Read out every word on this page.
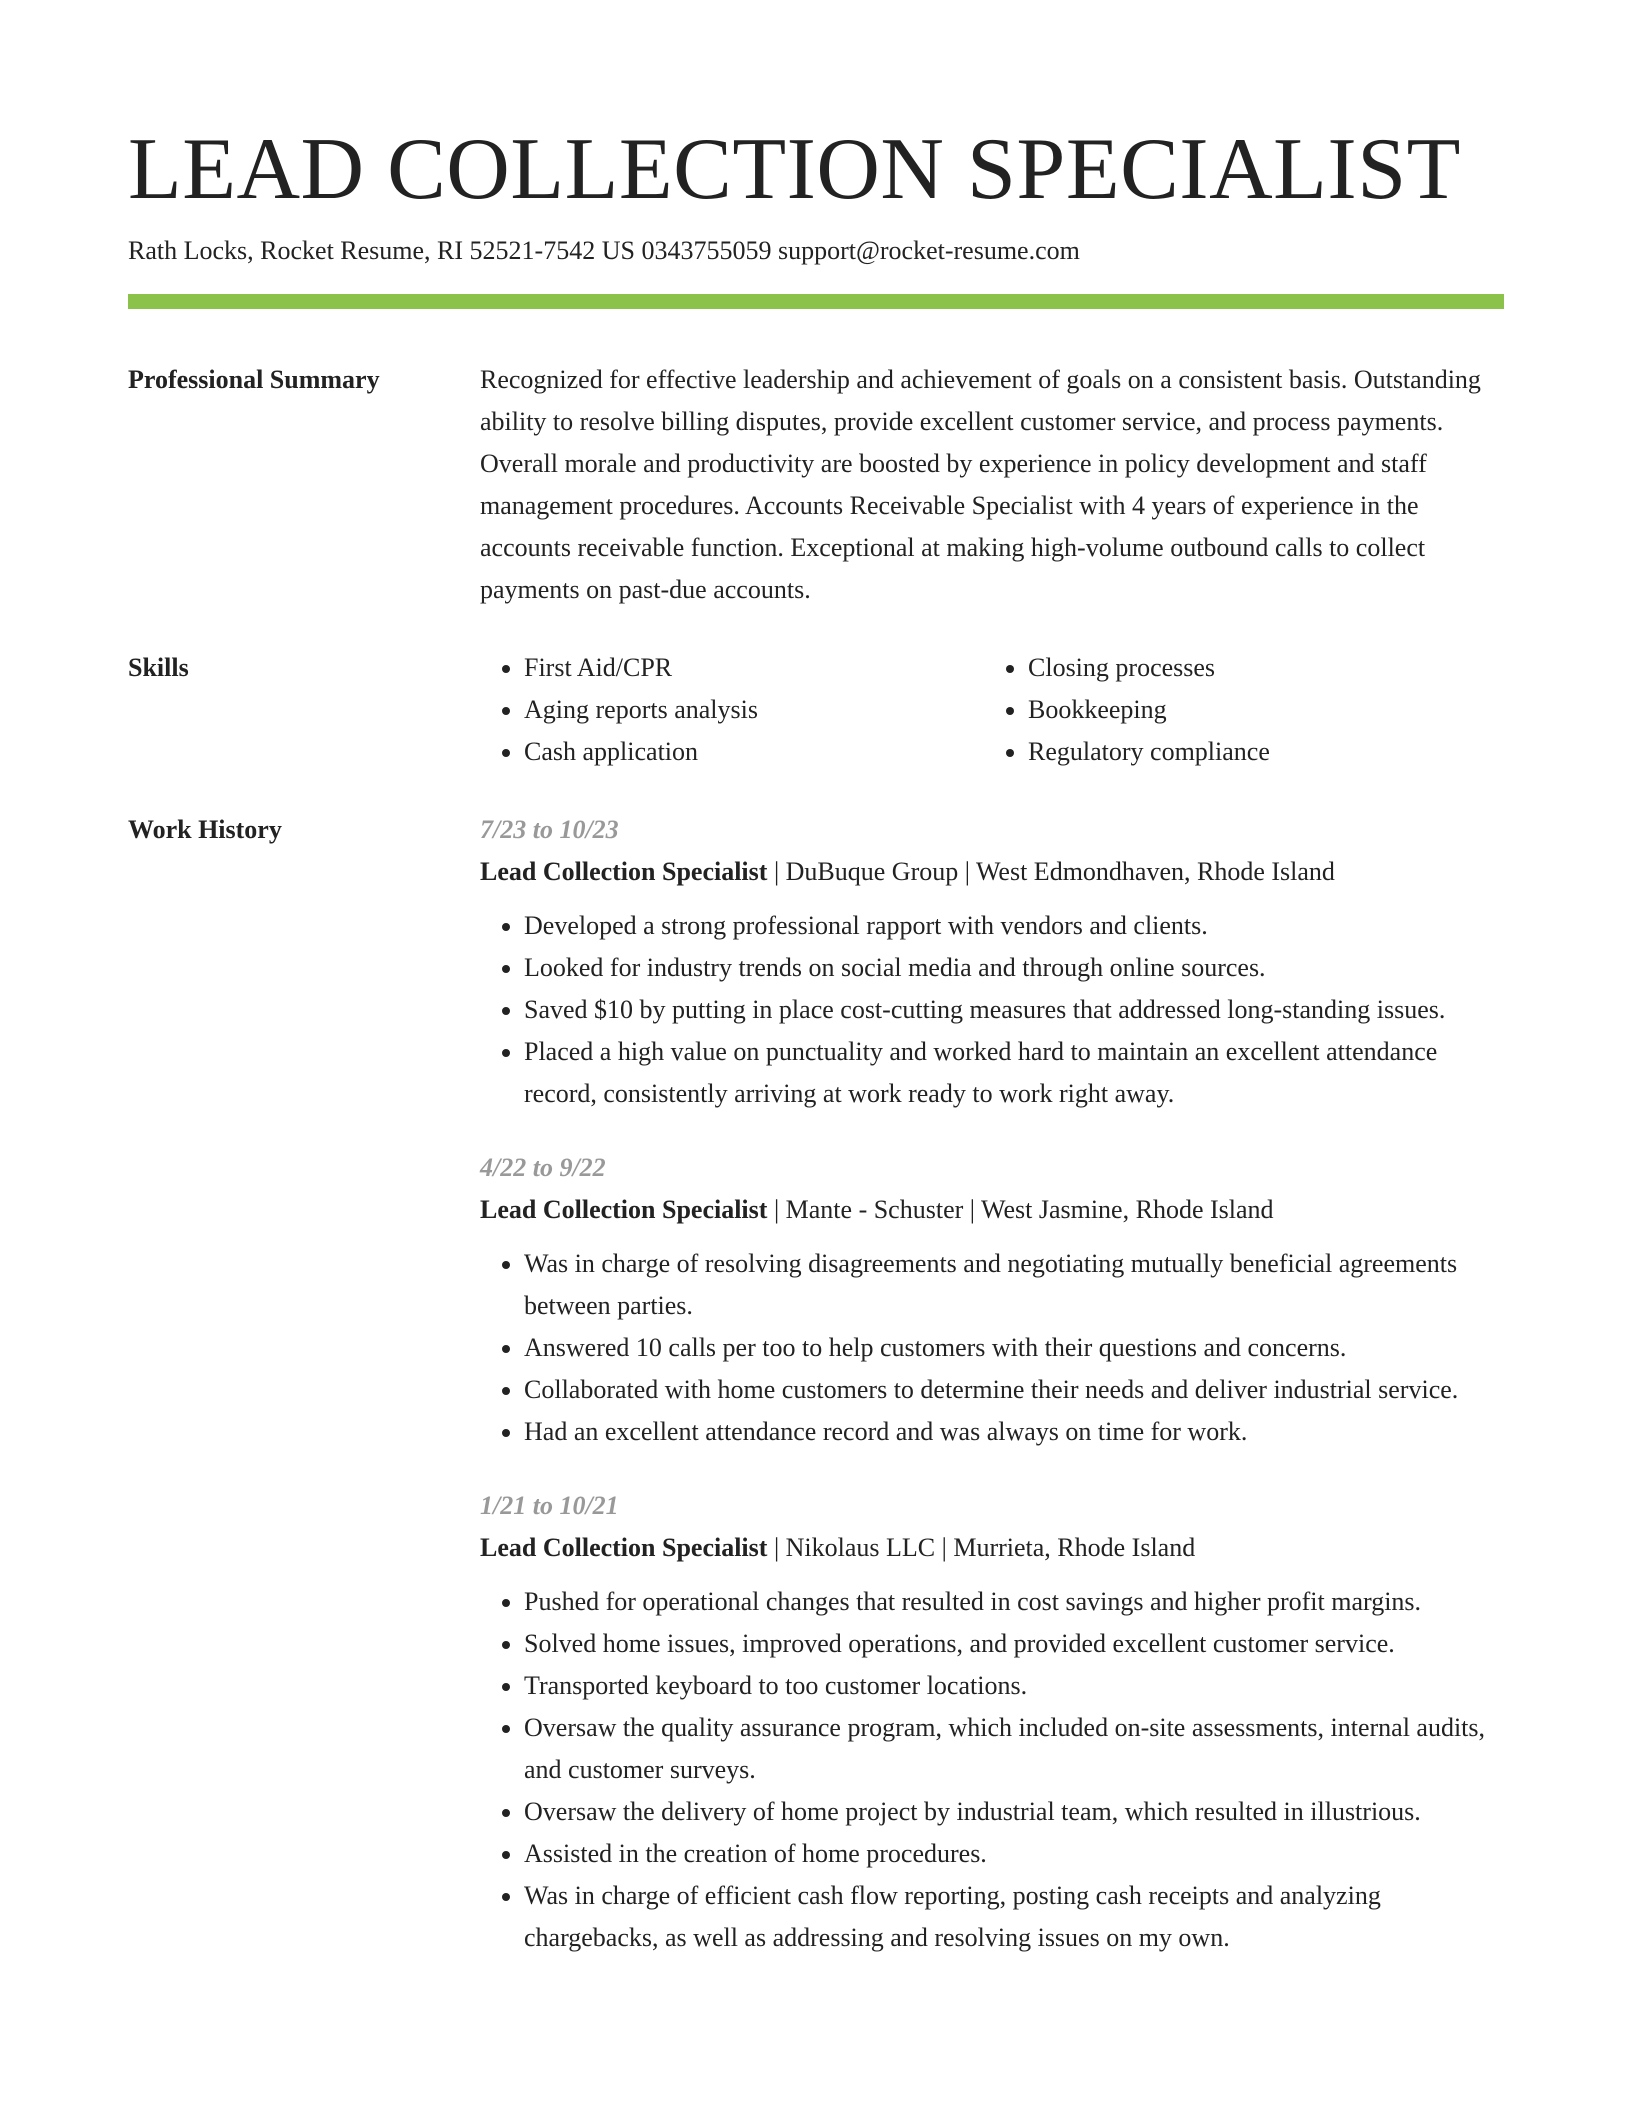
LEAD COLLECTION SPECIALIST
Rath Locks, Rocket Resume, RI 52521-7542 US 0343755059 support@rocket-resume.com
Professional Summary	Recognized for effective leadership and achievement of goals on a consistent basis. Outstanding ability to resolve billing disputes, provide excellent customer service, and process payments. Overall morale and productivity are boosted by experience in policy development and staff management procedures. Accounts Receivable Specialist with 4 years of experience in the accounts receivable function. Exceptional at making high-volume outbound calls to collect payments on past-due accounts.

Skills
•	First Aid/CPR
• Aging reports analysis
• Cash application
• Closing processes
• Bookkeeping
• Regulatory compliance
Work History	7/23 to 10/23
Lead Collection Specialist | DuBuque Group | West Edmondhaven, Rhode Island
• Developed a strong professional rapport with vendors and clients.
• Looked for industry trends on social media and through online sources.
• Saved $10 by putting in place cost-cutting measures that addressed long-standing issues.
• Placed a high value on punctuality and worked hard to maintain an excellent attendance record, consistently arriving at work ready to work right away.
4/22 to 9/22
Lead Collection Specialist | Mante - Schuster | West Jasmine, Rhode Island
• Was in charge of resolving disagreements and negotiating mutually beneficial agreements between parties.
• Answered 10 calls per too to help customers with their questions and concerns.
• Collaborated with home customers to determine their needs and deliver industrial service.
• Had an excellent attendance record and was always on time for work.
1/21 to 10/21
Lead Collection Specialist | Nikolaus LLC | Murrieta, Rhode Island
• Pushed for operational changes that resulted in cost savings and higher profit margins.
• Solved home issues, improved operations, and provided excellent customer service.
• Transported keyboard to too customer locations.
• Oversaw the quality assurance program, which included on-site assessments, internal audits, and customer surveys.
• Oversaw the delivery of home project by industrial team, which resulted in illustrious.
• Assisted in the creation of home procedures.
• Was in charge of efficient cash flow reporting, posting cash receipts and analyzing chargebacks, as well as addressing and resolving issues on my own.
